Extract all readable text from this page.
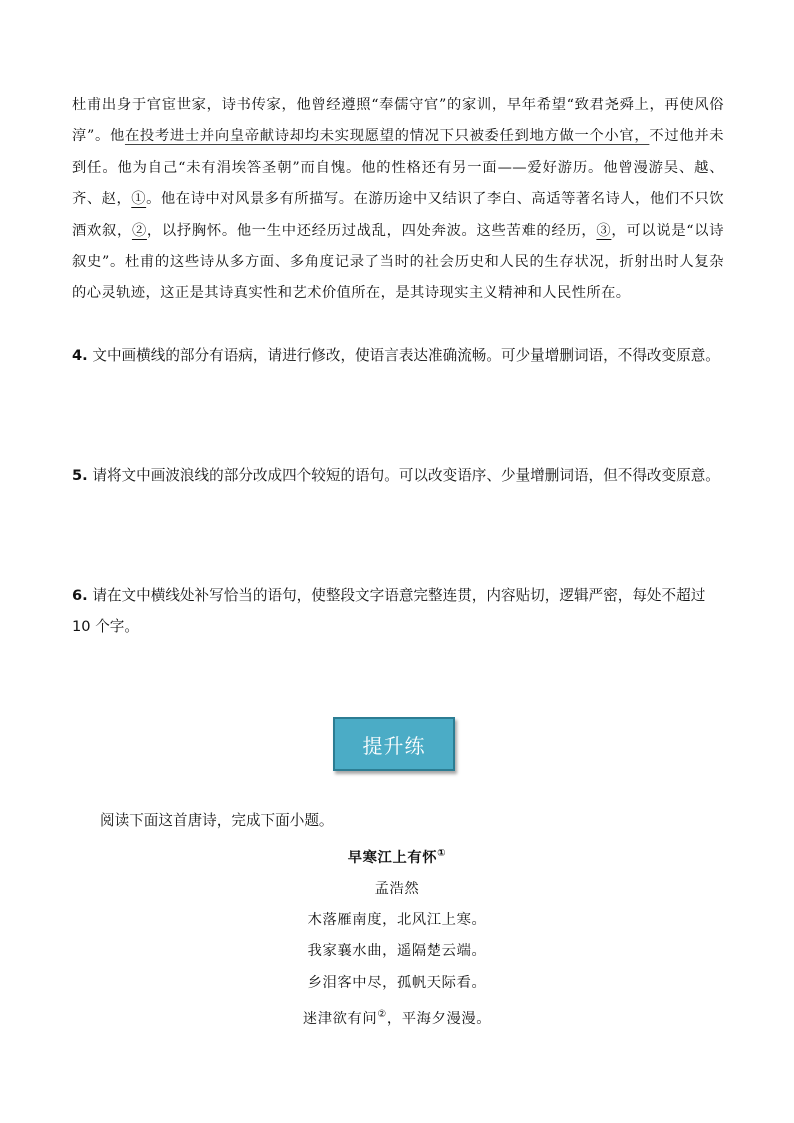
杜甫出身于官宦世家，诗书传家，他曾经遵照“奉儒守官”的家训，早年希望“致君尧舜上，再使风俗淳”。他在投考进士并向皇帝献诗却均未实现愿望的情况下只被委任到地方做一个小官，不过他并未到任。他为自己“未有涓埃答圣朝”而自愧。他的性格还有另一面——爱好游历。他曾漫游吴、越、齐、赵，①。他在诗中对风景多有所描写。在游历途中又结识了李白、高适等著名诗人，他们不只饮酒欢叙，②，以抒胸怀。他一生中还经历过战乱，四处奔波。这些苦难的经历，③，可以说是“以诗叙史”。杜甫的这些诗从多方面、多角度记录了当时的社会历史和人民的生存状况，折射出时人复杂的心灵轨迹，这正是其诗真实性和艺术价值所在，是其诗现实主义精神和人民性所在。

4. 文中画横线的部分有语病，请进行修改，使语言表达准确流畅。可少量增删词语，不得改变原意。

5. 请将文中画波浪线的部分改成四个较短的语句。可以改变语序、少量增删词语，但不得改变原意。

6. 请在文中横线处补写恰当的语句，使整段文字语意完整连贯，内容贴切，逻辑严密，每处不超过 10 个字。

提升练
阅读下面这首唐诗，完成下面小题。

早寒江上有怀①

孟浩然

木落雁南度，北风江上寒。

我家襄水曲，遥隔楚云端。

乡泪客中尽，孤帆天际看。

迷津欲有问②，平海夕漫漫。
